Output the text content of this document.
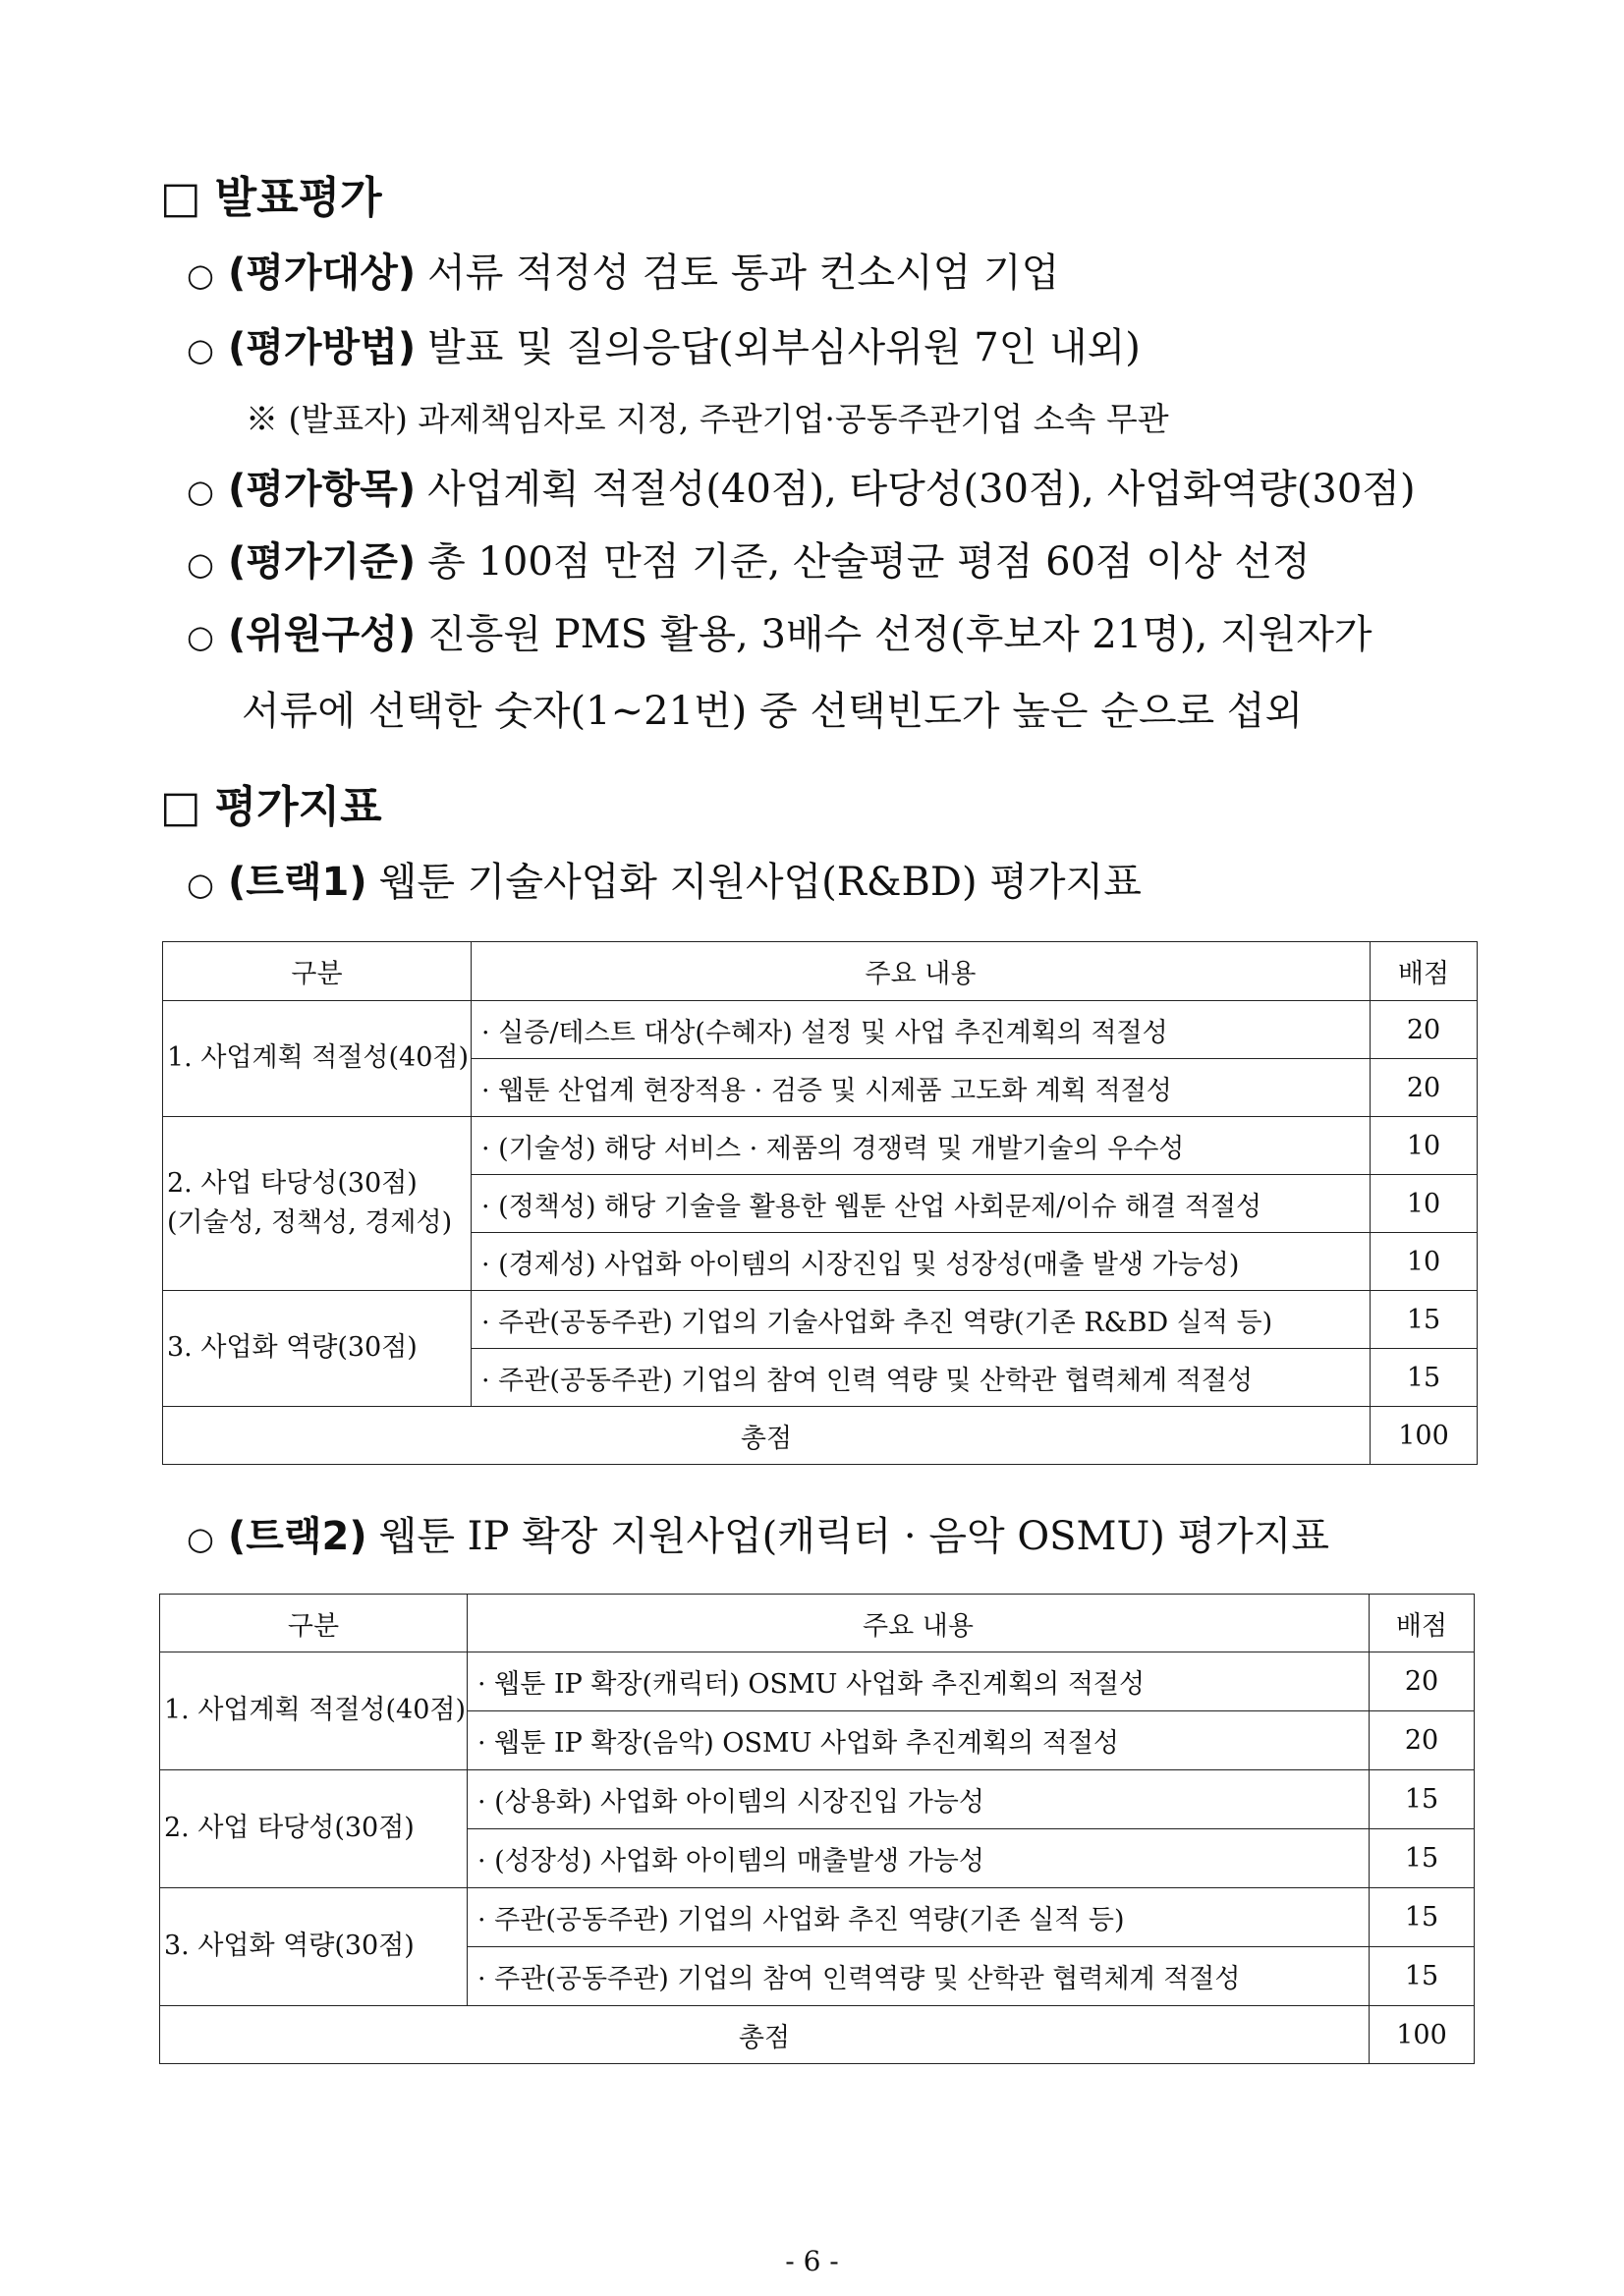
□ 발표평가
○ (평가대상) 서류 적정성 검토 통과 컨소시엄 기업
○ (평가방법) 발표 및 질의응답(외부심사위원 7인 내외)
※ (발표자) 과제책임자로 지정, 주관기업·공동주관기업 소속 무관
○ (평가항목) 사업계획 적절성(40점), 타당성(30점), 사업화역량(30점)
○ (평가기준) 총 100점 만점 기준, 산술평균 평점 60점 이상 선정
○ (위원구성) 진흥원 PMS 활용, 3배수 선정(후보자 21명), 지원자가
서류에 선택한 숫자(1~21번) 중 선택빈도가 높은 순으로 섭외
□ 평가지표
○ (트랙1) 웹툰 기술사업화 지원사업(R&BD) 평가지표
구분	주요 내용	배점
1. 사업계획 적절성(40점)	· 실증/테스트 대상(수혜자) 설정 및 사업 추진계획의 적절성	20
	· 웹툰 산업계 현장적용 · 검증 및 시제품 고도화 계획 적절성	20

2. 사업 타당성(30점)
(기술성, 정책성, 경제성)	· (기술성) 해당 서비스 · 제품의 경쟁력 및 개발기술의 우수성	10
	· (정책성) 해당 기술을 활용한 웹툰 산업 사회문제/이슈 해결 적절성	10
	· (경제성) 사업화 아이템의 시장진입 및 성장성(매출 발생 가능성)	10
3. 사업화 역량(30점)	· 주관(공동주관) 기업의 기술사업화 추진 역량(기존 R&BD 실적 등)	15
	· 주관(공동주관) 기업의 참여 인력 역량 및 산학관 협력체계 적절성	15
총점		100
○ (트랙2) 웹툰 IP 확장 지원사업(캐릭터 · 음악 OSMU) 평가지표
구분	주요 내용	배점
1. 사업계획 적절성(40점)	· 웹툰 IP 확장(캐릭터) OSMU 사업화 추진계획의 적절성	20
	· 웹툰 IP 확장(음악) OSMU 사업화 추진계획의 적절성	20
2. 사업 타당성(30점)	· (상용화) 사업화 아이템의 시장진입 가능성	15
	· (성장성) 사업화 아이템의 매출발생 가능성	15
3. 사업화 역량(30점)	· 주관(공동주관) 기업의 사업화 추진 역량(기존 실적 등)	15
	· 주관(공동주관) 기업의 참여 인력역량 및 산학관 협력체계 적절성	15
총점		100
- 6 -
